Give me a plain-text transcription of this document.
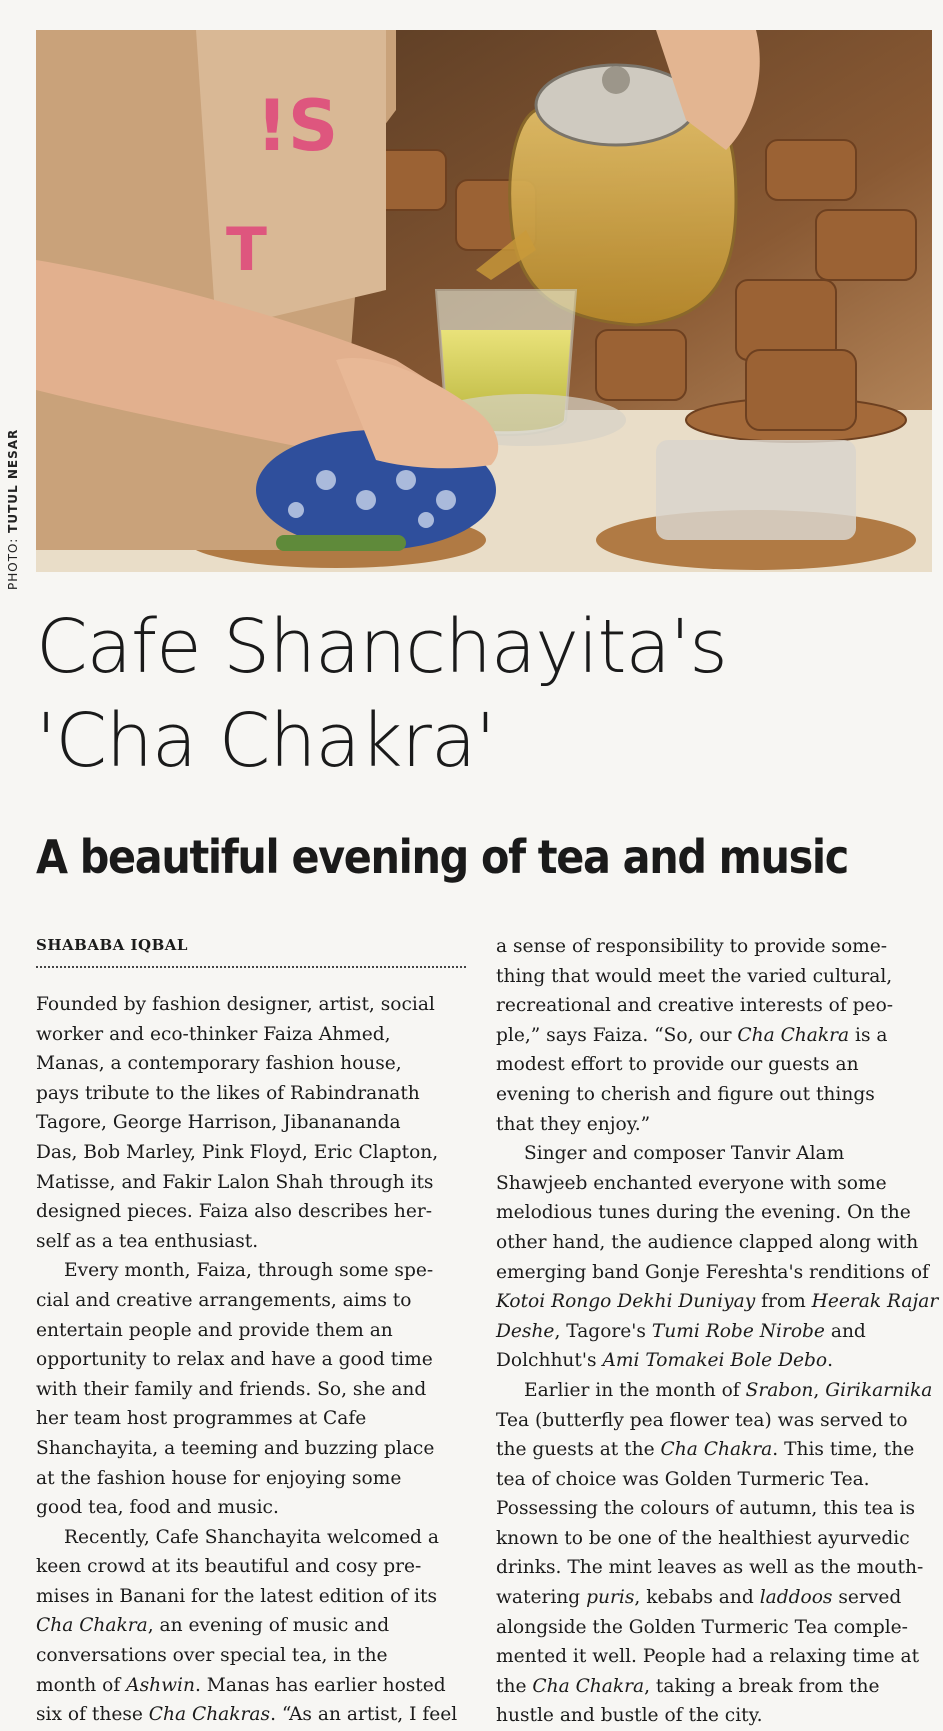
PHOTO: TUTUL NESAR
!S
T
Cafe Shanchayita's
'Cha Chakra'
A beautiful evening of tea and music
SHABABA IQBAL
Founded by fashion designer, artist, social
worker and eco-thinker Faiza Ahmed,
Manas, a contemporary fashion house,
pays tribute to the likes of Rabindranath
Tagore, George Harrison, Jibanananda
Das, Bob Marley, Pink Floyd, Eric Clapton,
Matisse, and Fakir Lalon Shah through its
designed pieces. Faiza also describes her-
self as a tea enthusiast.
Every month, Faiza, through some spe-
cial and creative arrangements, aims to
entertain people and provide them an
opportunity to relax and have a good time
with their family and friends. So, she and
her team host programmes at Cafe
Shanchayita, a teeming and buzzing place
at the fashion house for enjoying some
good tea, food and music.
Recently, Cafe Shanchayita welcomed a
keen crowd at its beautiful and cosy pre-
mises in Banani for the latest edition of its
Cha Chakra, an evening of music and
conversations over special tea, in the
month of Ashwin. Manas has earlier hosted
six of these Cha Chakras. “As an artist, I feel
a sense of responsibility to provide some-
thing that would meet the varied cultural,
recreational and creative interests of peo-
ple,” says Faiza. “So, our Cha Chakra is a
modest effort to provide our guests an
evening to cherish and figure out things
that they enjoy.”
Singer and composer Tanvir Alam
Shawjeeb enchanted everyone with some
melodious tunes during the evening. On the
other hand, the audience clapped along with
emerging band Gonje Fereshta's renditions of
Kotoi Rongo Dekhi Duniyay from Heerak Rajar
Deshe, Tagore's Tumi Robe Nirobe and
Dolchhut's Ami Tomakei Bole Debo.
Earlier in the month of Srabon, Girikarnika
Tea (butterfly pea flower tea) was served to
the guests at the Cha Chakra. This time, the
tea of choice was Golden Turmeric Tea.
Possessing the colours of autumn, this tea is
known to be one of the healthiest ayurvedic
drinks. The mint leaves as well as the mouth-
watering puris, kebabs and laddoos served
alongside the Golden Turmeric Tea comple-
mented it well. People had a relaxing time at
the Cha Chakra, taking a break from the
hustle and bustle of the city.
